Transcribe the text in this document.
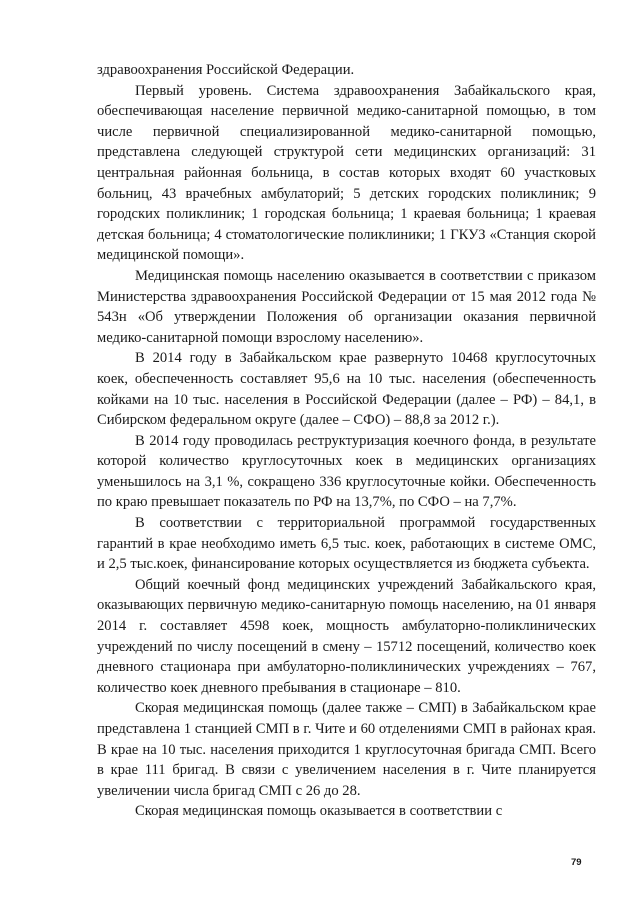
здравоохранения Российской Федерации.

Первый уровень. Система здравоохранения Забайкальского края, обеспечивающая население первичной медико-санитарной помощью, в том числе первичной специализированной медико-санитарной помощью, представлена следующей структурой сети медицинских организаций: 31 центральная районная больница, в состав которых входят 60 участковых больниц, 43 врачебных амбулаторий; 5 детских городских поликлиник; 9 городских поликлиник; 1 городская больница; 1 краевая больница; 1 краевая детская больница; 4 стоматологические поликлиники; 1 ГКУЗ «Станция скорой медицинской помощи».

Медицинская помощь населению оказывается в соответствии с приказом Министерства здравоохранения Российской Федерации от 15 мая 2012 года № 543н «Об утверждении Положения об организации оказания первичной медико-санитарной помощи взрослому населению».

В 2014 году в Забайкальском крае развернуто 10468 круглосуточных коек, обеспеченность составляет 95,6 на 10 тыс. населения (обеспеченность койками на 10 тыс. населения в Российской Федерации (далее – РФ) – 84,1, в Сибирском федеральном округе (далее – СФО) – 88,8 за 2012 г.).

В 2014 году проводилась реструктуризация коечного фонда, в результате которой количество круглосуточных коек в медицинских организациях уменьшилось на 3,1 %, сокращено 336 круглосуточные койки. Обеспеченность по краю превышает показатель по РФ на 13,7%, по СФО – на 7,7%.

В соответствии с территориальной программой государственных гарантий в крае необходимо иметь 6,5 тыс. коек, работающих в системе ОМС, и 2,5 тыс.коек, финансирование которых осуществляется из бюджета субъекта.

Общий коечный фонд медицинских учреждений Забайкальского края, оказывающих первичную медико-санитарную помощь населению, на 01 января 2014 г. составляет 4598 коек, мощность амбулаторно-поликлинических учреждений по числу посещений в смену – 15712 посещений, количество коек дневного стационара при амбулаторно-поликлинических учреждениях – 767, количество коек дневного пребывания в стационаре – 810.

Скорая медицинская помощь (далее также – СМП) в Забайкальском крае представлена 1 станцией СМП в г. Чите и 60 отделениями СМП в районах края. В крае на 10 тыс. населения приходится 1 круглосуточная бригада СМП. Всего в крае 111 бригад. В связи с увеличением населения в г. Чите планируется увеличении числа бригад СМП с 26 до 28.

Скорая медицинская помощь оказывается в соответствии с

79
